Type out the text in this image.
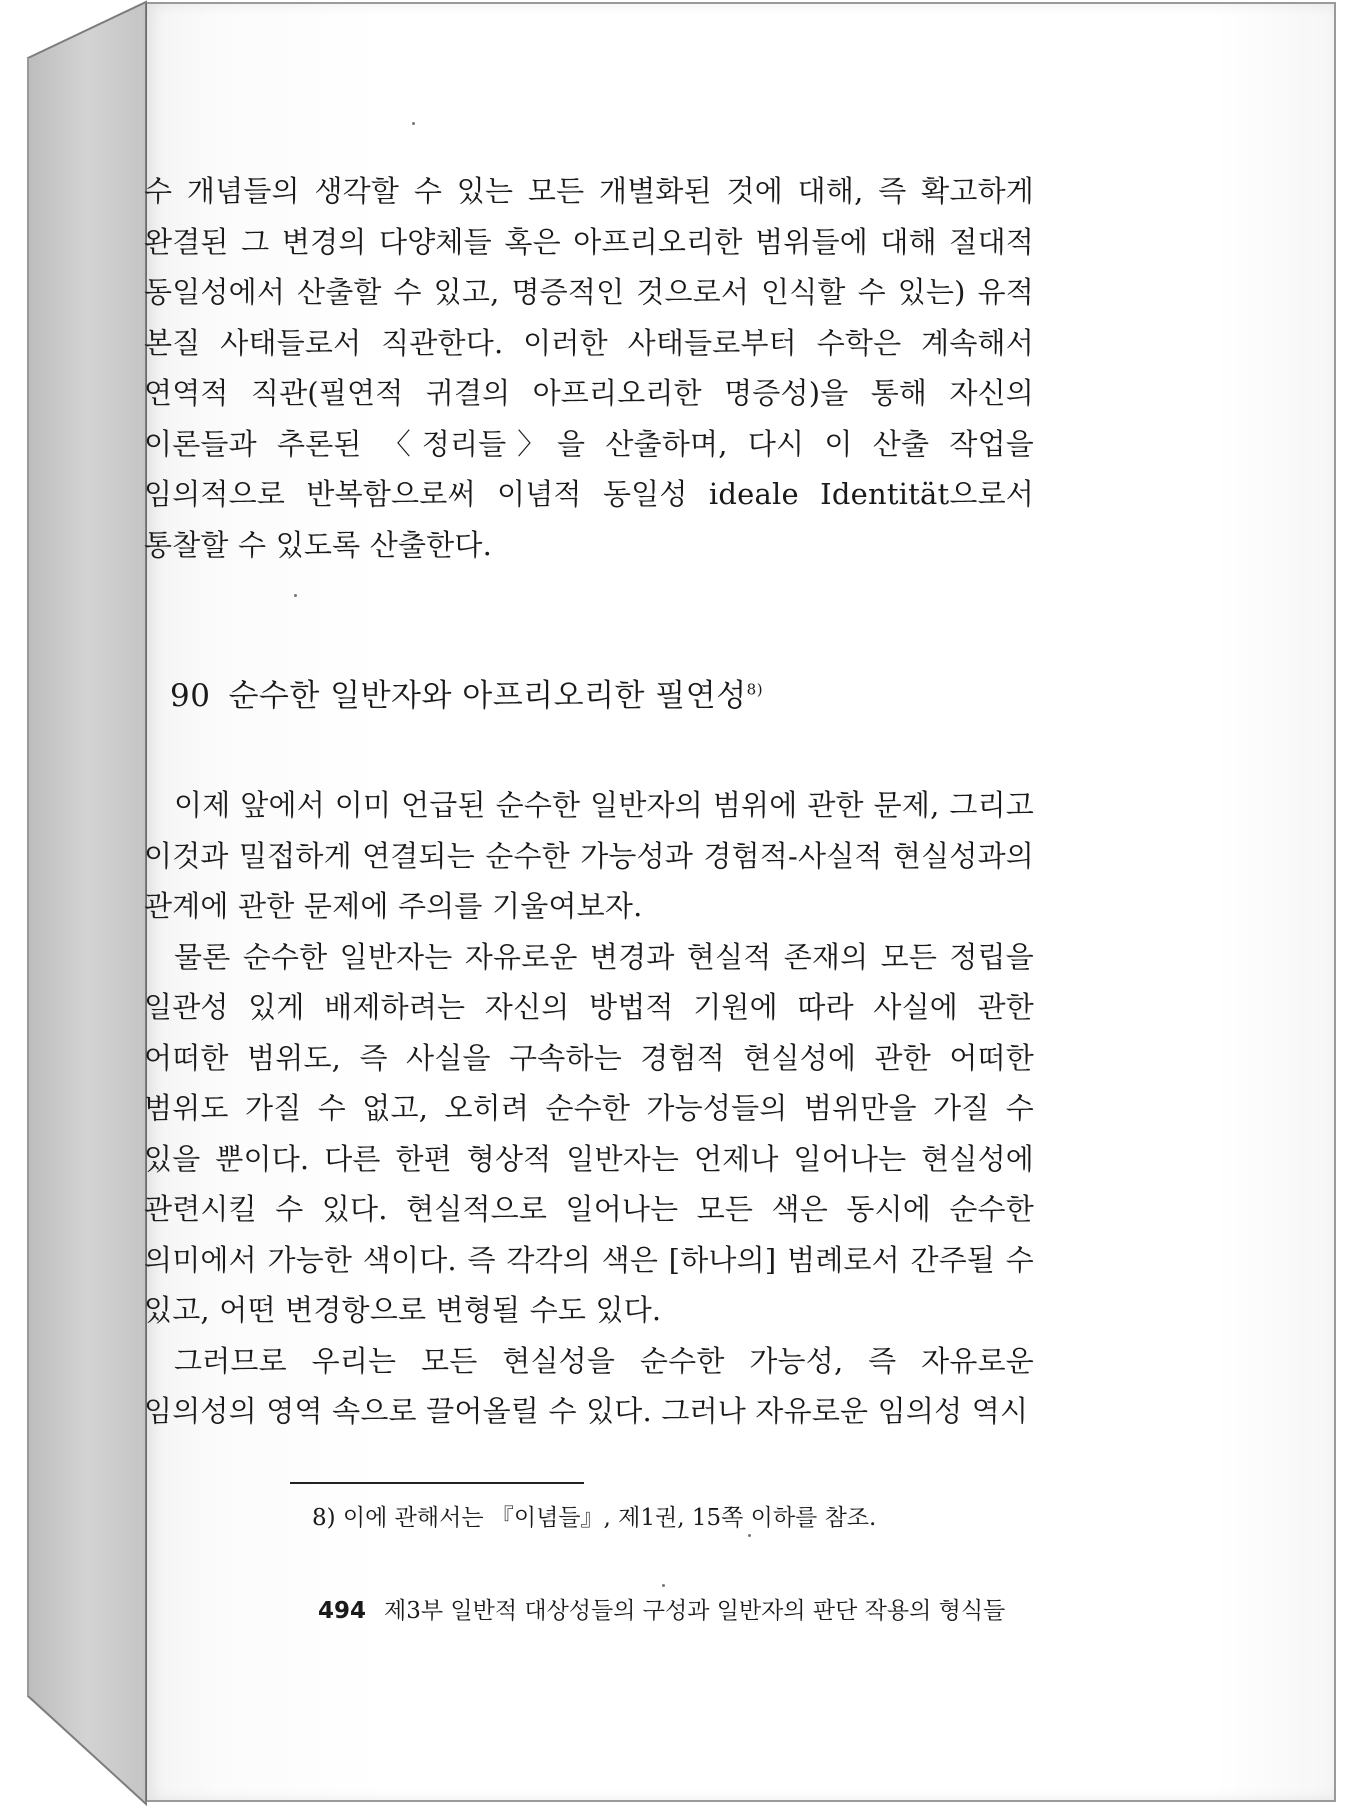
수 개념들의 생각할 수 있는 모든 개별화된 것에 대해, 즉 확고하게 완결된 그 변경의 다양체들 혹은 아프리오리한 범위들에 대해 절대적 동일성에서 산출할 수 있고, 명증적인 것으로서 인식할 수 있는) 유적 본질 사태들로서 직관한다. 이러한 사태들로부터 수학은 계속해서 연역적 직관(필연적 귀결의 아프리오리한 명증성)을 통해 자신의 이론들과 추론된 〈정리들〉을 산출하며, 다시 이 산출 작업을 임의적으로 반복함으로써 이념적 동일성 ideale Identität으로서 통찰할 수 있도록 산출한다.

90 순수한 일반자와 아프리오리한 필연성$^{8)}$

이제 앞에서 이미 언급된 순수한 일반자의 범위에 관한 문제, 그리고 이것과 밀접하게 연결되는 순수한 가능성과 경험적-사실적 현실성과의 관계에 관한 문제에 주의를 기울여보자.

물론 순수한 일반자는 자유로운 변경과 현실적 존재의 모든 정립을 일관성 있게 배제하려는 자신의 방법적 기원에 따라 사실에 관한 어떠한 범위도, 즉 사실을 구속하는 경험적 현실성에 관한 어떠한 범위도 가질 수 없고, 오히려 순수한 가능성들의 범위만을 가질 수 있을 뿐이다. 다른 한편 형상적 일반자는 언제나 일어나는 현실성에 관련시킬 수 있다. 현실적으로 일어나는 모든 색은 동시에 순수한 의미에서 가능한 색이다. 즉 각각의 색은 [하나의] 범례로서 간주될 수 있고, 어떤 변경항으로 변형될 수도 있다.

그러므로 우리는 모든 현실성을 순수한 가능성, 즉 자유로운 임의성의 영역 속으로 끌어올릴 수 있다. 그러나 자유로운 임의성 역시

8) 이에 관해서는 『이념들』, 제1권, 15쪽 이하를 참조.
494 제3부 일반적 대상성들의 구성과 일반자의 판단 작용의 형식들
